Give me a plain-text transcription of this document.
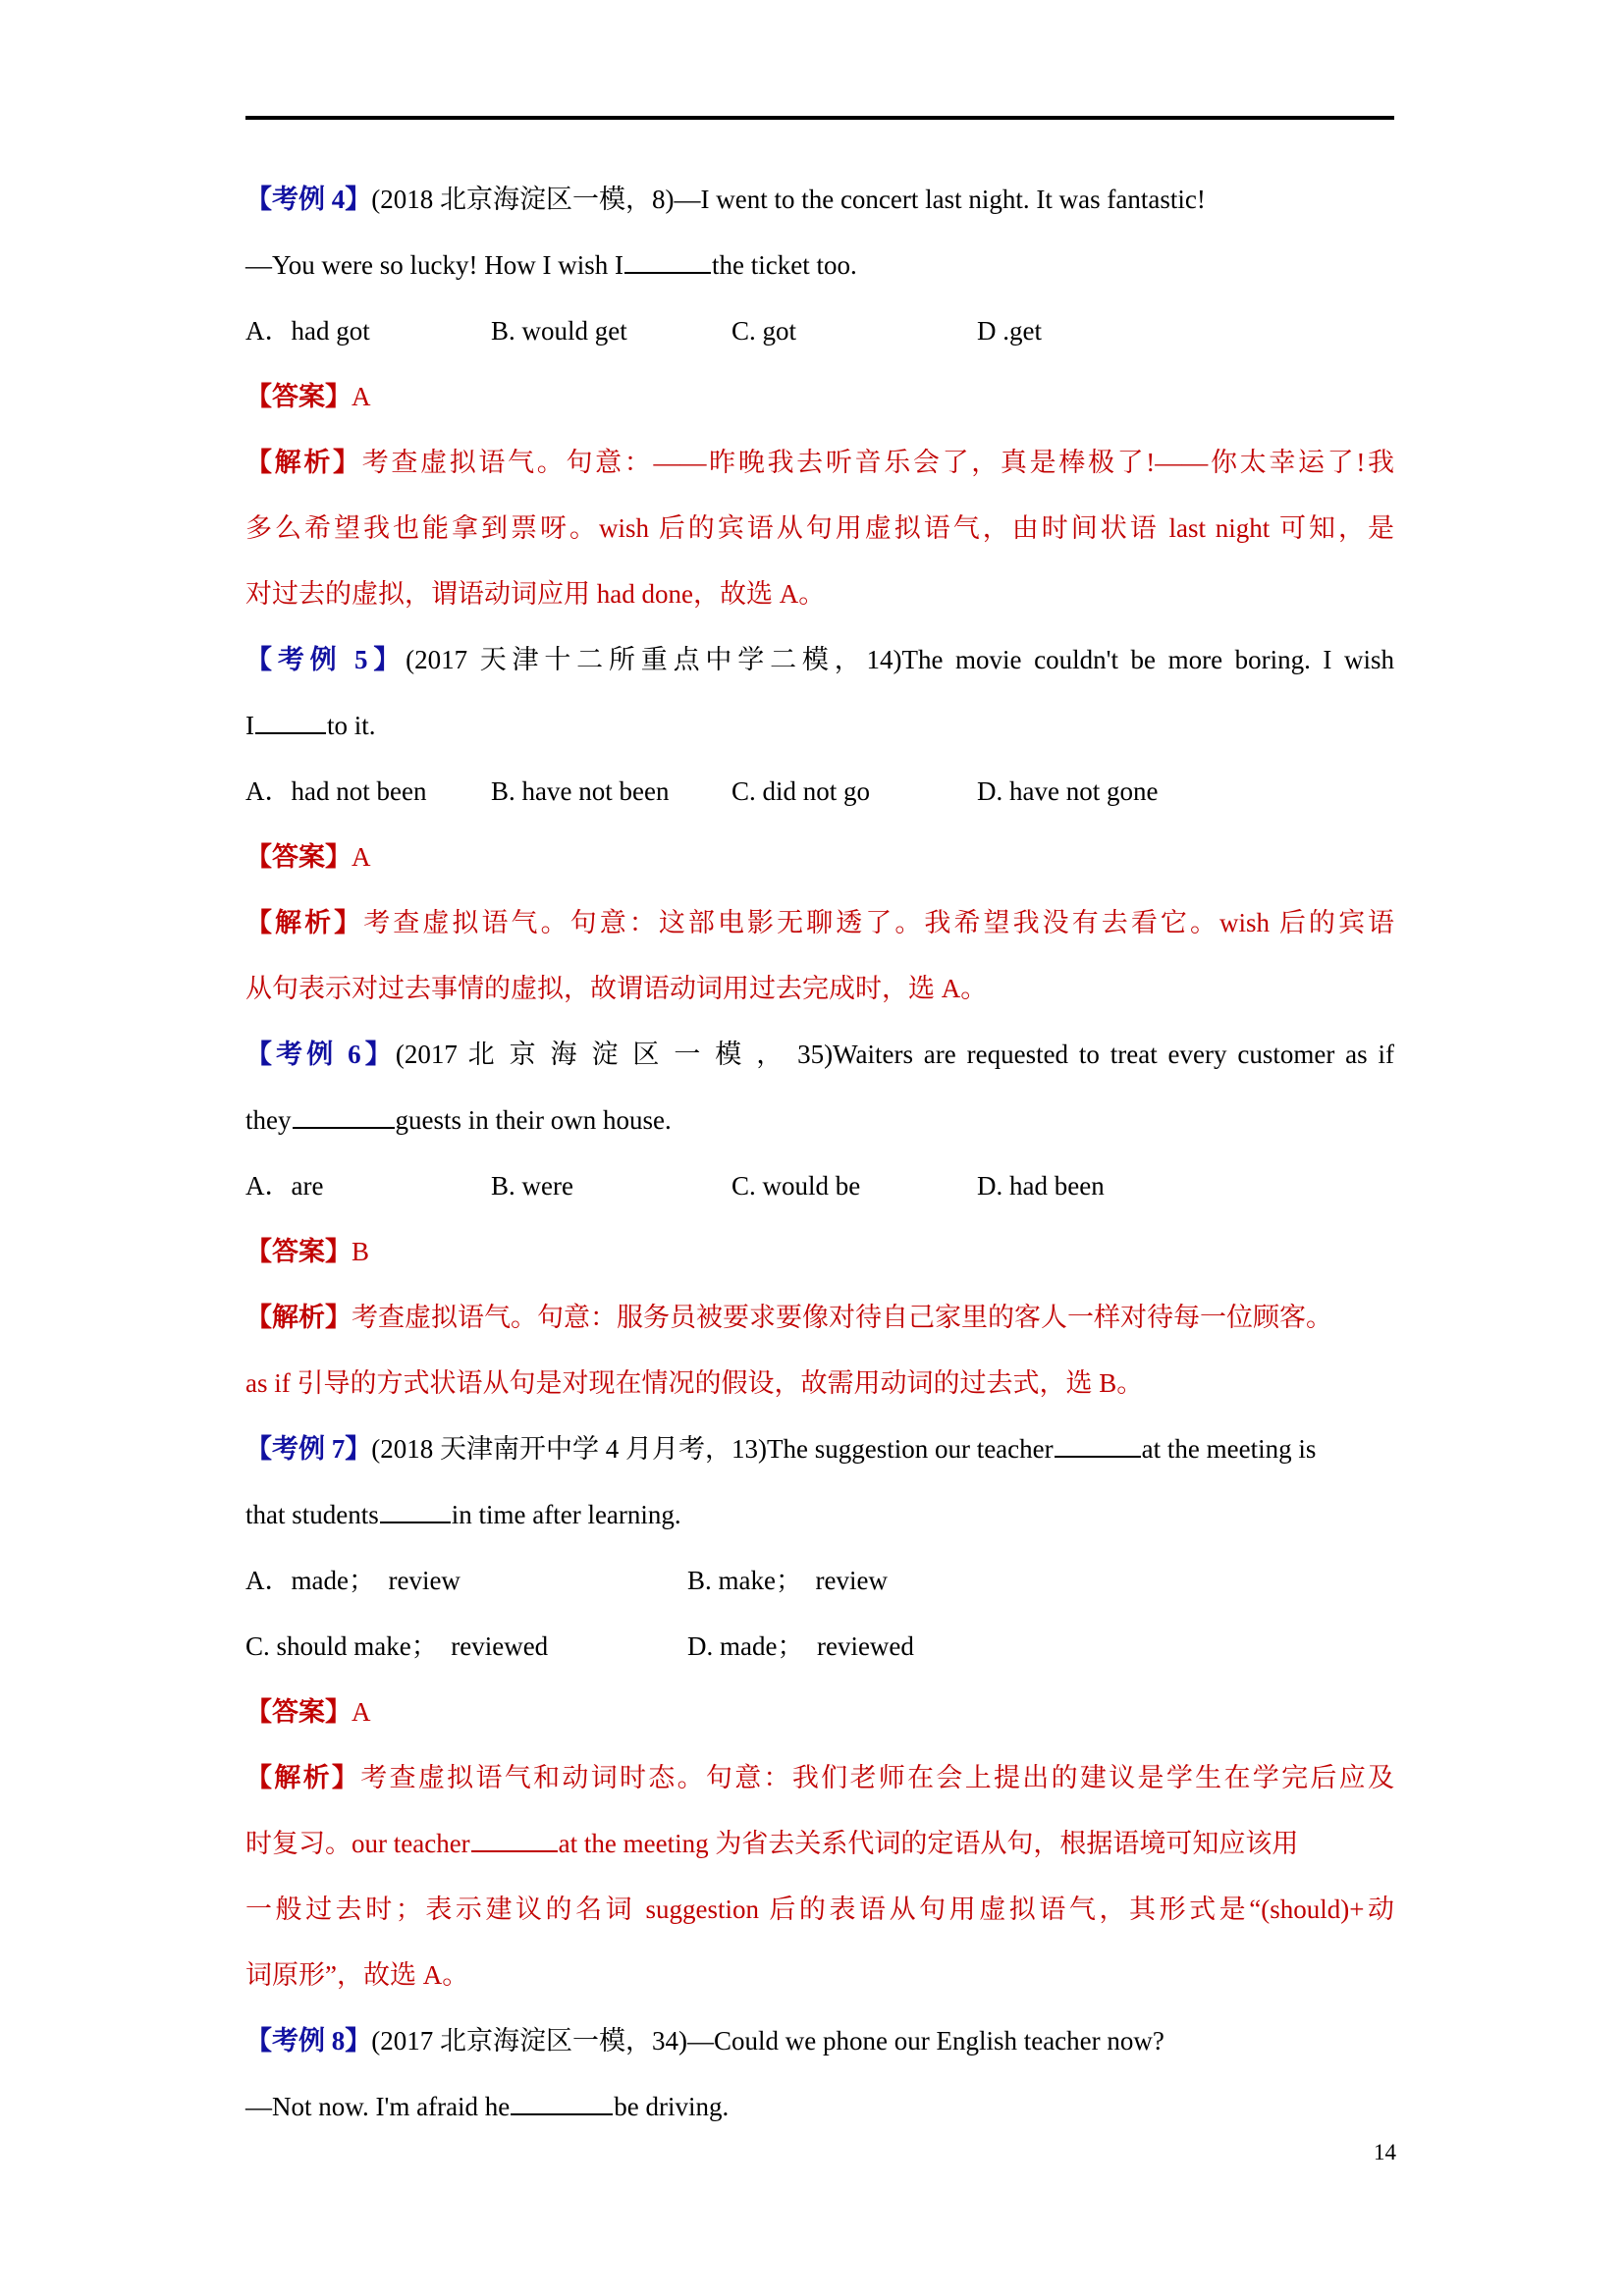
【考例 4】(2018 北京海淀区一模，8)—I went to the concert last night. It was fantastic!
—You were so lucky! How I wish I	the ticket too.
A．had got	B. would get	C. got	D .get
【答案】A
【解析】考查虚拟语气。句意：——昨晚我去听音乐会了，真是棒极了!——你太幸运了!我
多么希望我也能拿到票呀。wish 后的宾语从句用虚拟语气，由时间状语 last night 可知，是
对过去的虚拟，谓语动词应用 had done，故选 A。
【考例 5】(2017 天津十二所重点中学二模，14)The movie couldn't be more boring. I wish
I	to it.
A．had not been	B. have not been	C. did not go	D. have not gone
【答案】A
【解析】考查虚拟语气。句意：这部电影无聊透了。我希望我没有去看它。wish 后的宾语
从句表示对过去事情的虚拟，故谓语动词用过去完成时，选 A。
【考例 6】(2017 北 京 海 淀 区 一 模 ， 35)Waiters are requested to treat every customer as if
they	guests in their own house.
A．are	B. were	C. would be	D. had been
【答案】B
【解析】考查虚拟语气。句意：服务员被要求要像对待自己家里的客人一样对待每一位顾客。
as if 引导的方式状语从句是对现在情况的假设，故需用动词的过去式，选 B。
【考例 7】(2018 天津南开中学 4 月月考，13)The suggestion our teacher	at the meeting is
that students	in time after learning.
A．made；　review	B. make；　review
C. should make；　reviewed	D. made；　reviewed
【答案】A
【解析】考查虚拟语气和动词时态。句意：我们老师在会上提出的建议是学生在学完后应及
时复习。our teacher	at the meeting 为省去关系代词的定语从句，根据语境可知应该用
一般过去时；表示建议的名词 suggestion 后的表语从句用虚拟语气，其形式是“(should)+动
词原形”，故选 A。
【考例 8】(2017 北京海淀区一模，34)—Could we phone our English teacher now?
—Not now. I'm afraid he	be driving.
14
